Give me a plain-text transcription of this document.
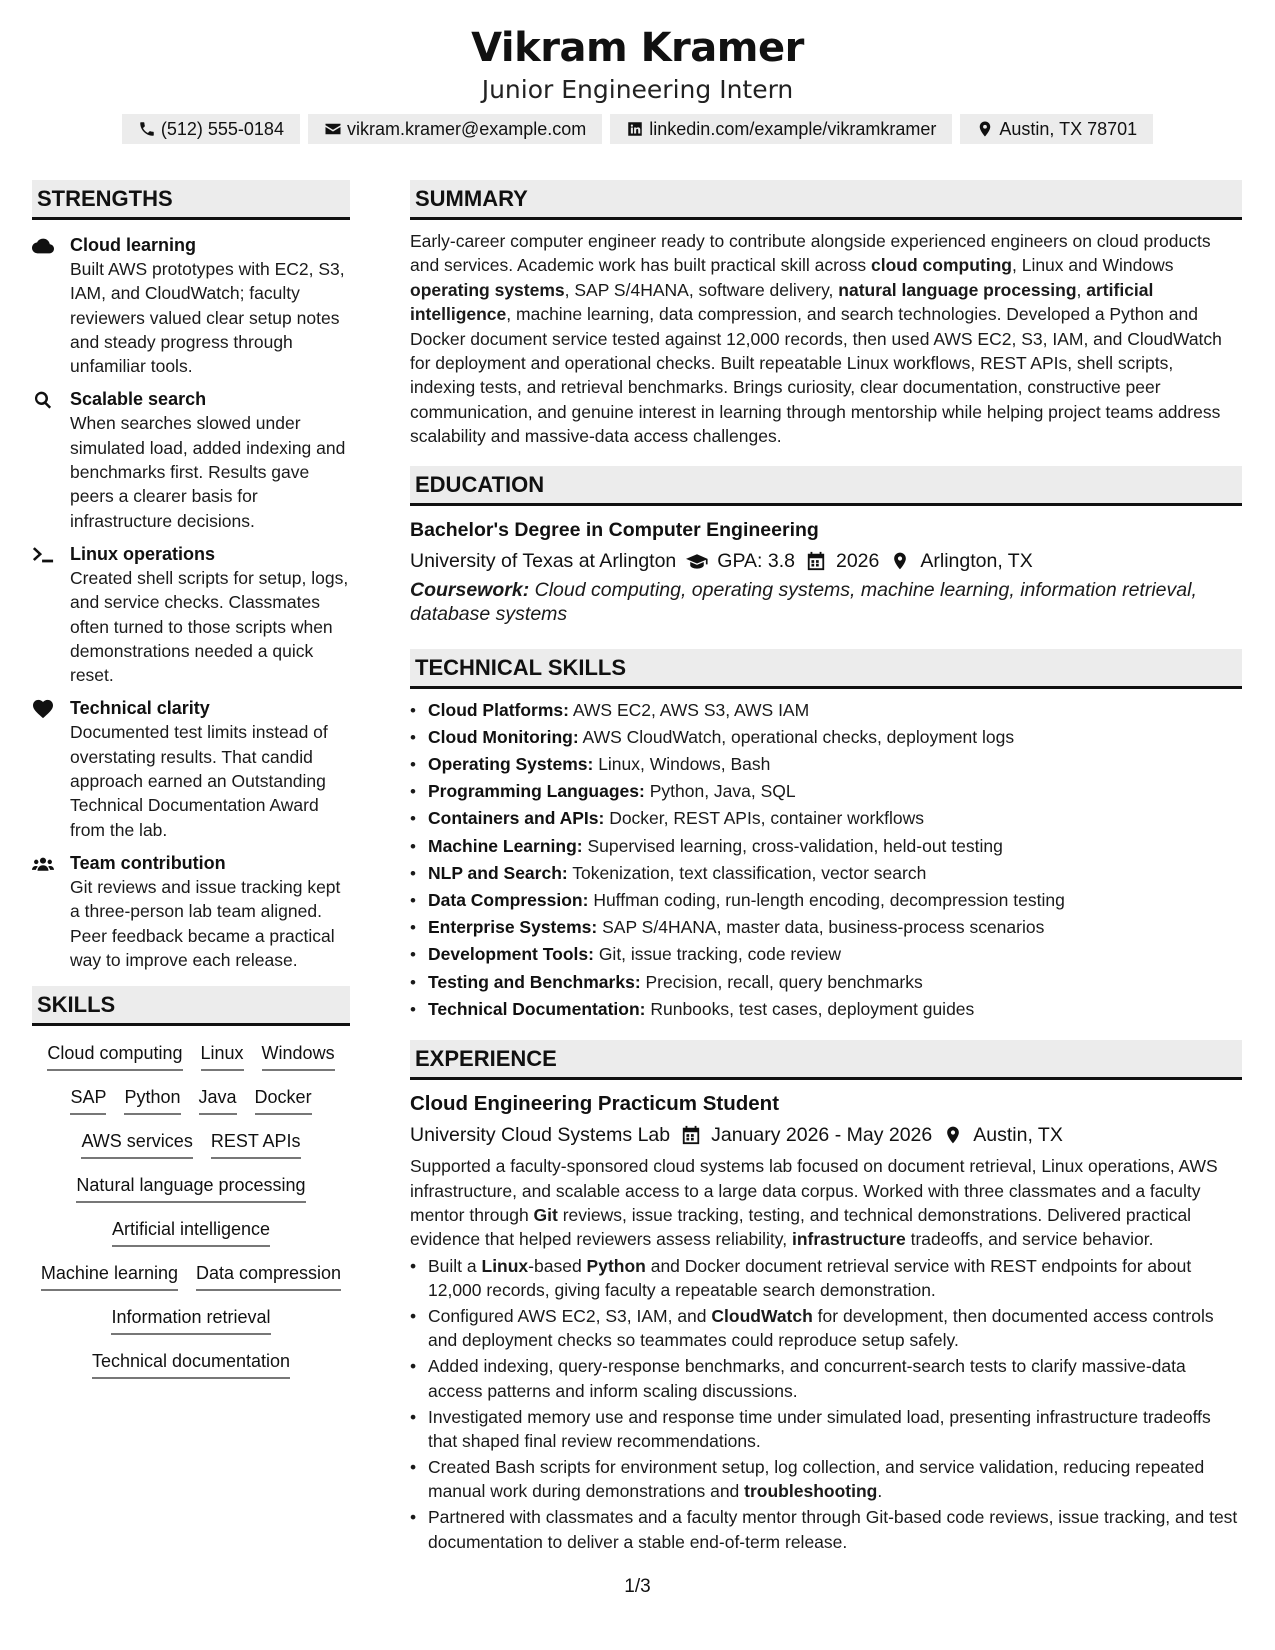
Vikram Kramer
Junior Engineering Intern
(512) 555-0184	vikram.kramer@example.com	linkedin.com/example/vikramkramer	Austin, TX 78701
STRENGTHS
Cloud learning
Built AWS prototypes with EC2, S3, IAM, and CloudWatch; faculty reviewers valued clear setup notes and steady progress through unfamiliar tools.
Scalable search
When searches slowed under simulated load, added indexing and benchmarks first. Results gave peers a clearer basis for infrastructure decisions.
Linux operations
Created shell scripts for setup, logs, and service checks. Classmates often turned to those scripts when demonstrations needed a quick reset.
Technical clarity
Documented test limits instead of overstating results. That candid approach earned an Outstanding Technical Documentation Award from the lab.
Team contribution
Git reviews and issue tracking kept a three-person lab team aligned. Peer feedback became a practical way to improve each release.
SKILLS
Cloud computing Linux Windows
SAP Python Java Docker
AWS services REST APIs
Natural language processing
Artificial intelligence
Machine learning Data compression
Information retrieval
Technical documentation
SUMMARY
Early-career computer engineer ready to contribute alongside experienced engineers on cloud products and services. Academic work has built practical skill across cloud computing, Linux and Windows operating systems, SAP S/4HANA, software delivery, natural language processing, artificial intelligence, machine learning, data compression, and search technologies. Developed a Python and Docker document service tested against 12,000 records, then used AWS EC2, S3, IAM, and CloudWatch for deployment and operational checks. Built repeatable Linux workflows, REST APIs, shell scripts, indexing tests, and retrieval benchmarks. Brings curiosity, clear documentation, constructive peer communication, and genuine interest in learning through mentorship while helping project teams address scalability and massive-data access challenges.
EDUCATION
Bachelor's Degree in Computer Engineering
University of Texas at Arlington GPA: 3.8 2026 Arlington, TX
Coursework: Cloud computing, operating systems, machine learning, information retrieval, database systems
TECHNICAL SKILLS
• Cloud Platforms: AWS EC2, AWS S3, AWS IAM
• Cloud Monitoring: AWS CloudWatch, operational checks, deployment logs
• Operating Systems: Linux, Windows, Bash
• Programming Languages: Python, Java, SQL
• Containers and APIs: Docker, REST APIs, container workflows
• Machine Learning: Supervised learning, cross-validation, held-out testing
• NLP and Search: Tokenization, text classification, vector search
• Data Compression: Huffman coding, run-length encoding, decompression testing
• Enterprise Systems: SAP S/4HANA, master data, business-process scenarios
• Development Tools: Git, issue tracking, code review
• Testing and Benchmarks: Precision, recall, query benchmarks
• Technical Documentation: Runbooks, test cases, deployment guides
EXPERIENCE
Cloud Engineering Practicum Student
University Cloud Systems Lab January 2026 - May 2026 Austin, TX
Supported a faculty-sponsored cloud systems lab focused on document retrieval, Linux operations, AWS infrastructure, and scalable access to a large data corpus. Worked with three classmates and a faculty mentor through Git reviews, issue tracking, testing, and technical demonstrations. Delivered practical evidence that helped reviewers assess reliability, infrastructure tradeoffs, and service behavior.
• Built a Linux-based Python and Docker document retrieval service with REST endpoints for about 12,000 records, giving faculty a repeatable search demonstration.
• Configured AWS EC2, S3, IAM, and CloudWatch for development, then documented access controls and deployment checks so teammates could reproduce setup safely.
• Added indexing, query-response benchmarks, and concurrent-search tests to clarify massive-data access patterns and inform scaling discussions.
• Investigated memory use and response time under simulated load, presenting infrastructure tradeoffs that shaped final review recommendations.
• Created Bash scripts for environment setup, log collection, and service validation, reducing repeated manual work during demonstrations and troubleshooting.
• Partnered with classmates and a faculty mentor through Git-based code reviews, issue tracking, and test documentation to deliver a stable end-of-term release.
1/3
